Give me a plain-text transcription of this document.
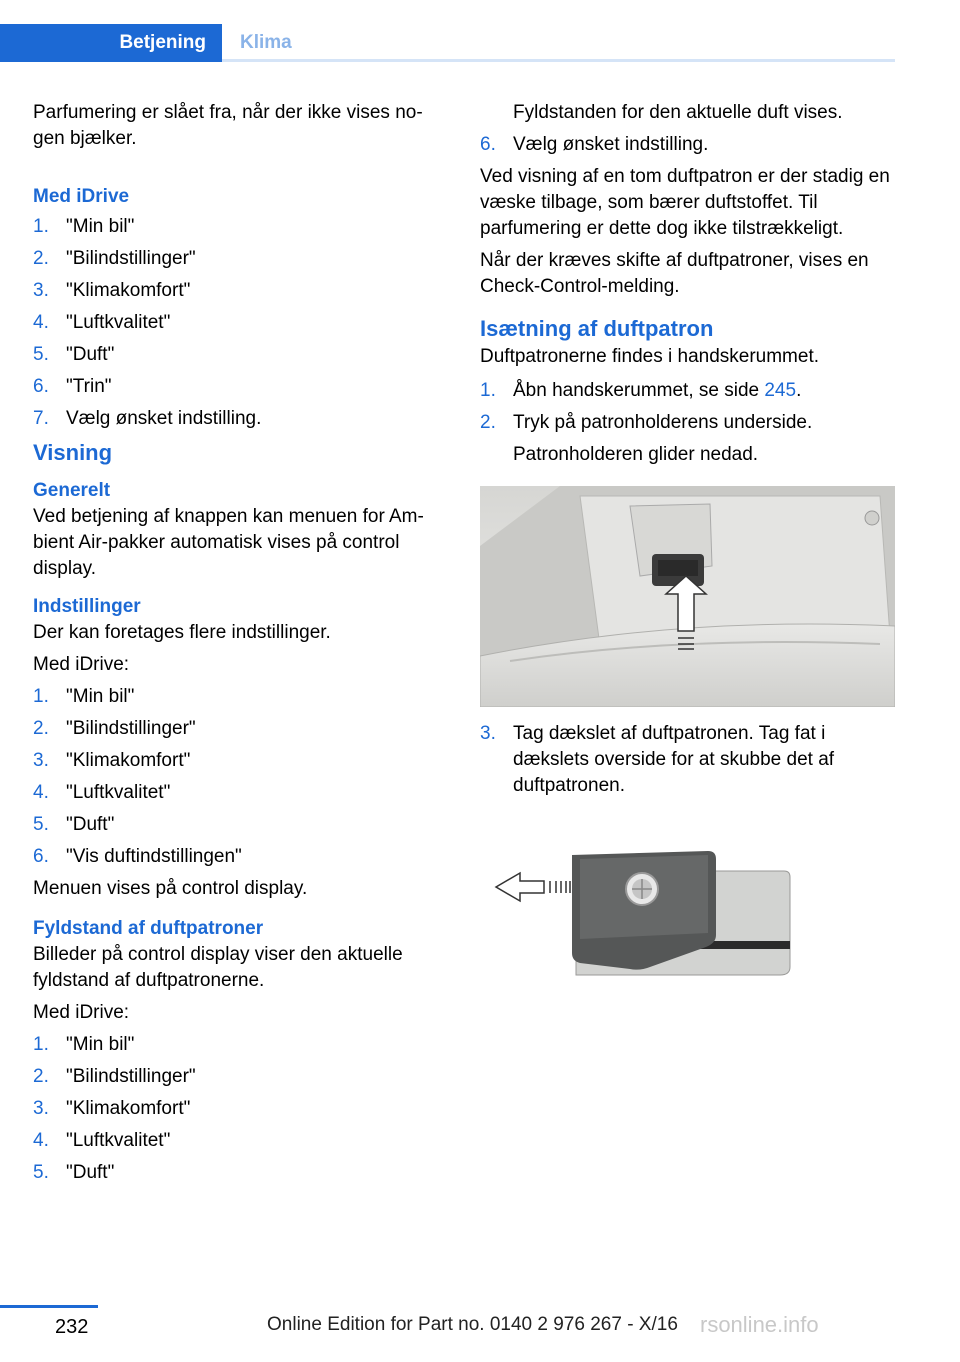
Betjening Klima

Parfumering er slået fra, når der ikke vises nogen bjælker.

Med iDrive
1. "Min bil"
2. "Bilindstillinger"
3. "Klimakomfort"
4. "Luftkvalitet"
5. "Duft"
6. "Trin"
7. Vælg ønsket indstilling.
Visning
Generelt

Ved betjening af knappen kan menuen for Ambient Air-pakker automatisk vises på control display.

Indstillinger

Der kan foretages flere indstillinger.

Med iDrive:

1. "Min bil"
2. "Bilindstillinger"
3. "Klimakomfort"
4. "Luftkvalitet"
5. "Duft"
6. "Vis duftindstillingen"

Menuen vises på control display.

Fyldstand af duftpatroner

Billeder på control display viser den aktuelle fyldstand af duftpatronerne.

Med iDrive:

1. "Min bil"
2. "Bilindstillinger"
3. "Klimakomfort"
4. "Luftkvalitet"
5. "Duft"

Fyldstanden for den aktuelle duft vises.

6. Vælg ønsket indstilling.

Ved visning af en tom duftpatron er der stadig en væske tilbage, som bærer duftstoffet. Til parfumering er dette dog ikke tilstrækkeligt.

Når der kræves skifte af duftpatroner, vises en Check-Control-melding.

Isætning af duftpatron

Duftpatronerne findes i handskerummet.

1. Åbn handskerummet, se side 245.
2. Tryk på patronholderens underside.

Patronholderen glider nedad.

3. Tag dækslet af duftpatronen. Tag fat i dækslets overside for at skubbe det af duftpatronen.
232	Online Edition for Part no. 0140 2 976 267 - X/16 rsonline.info
